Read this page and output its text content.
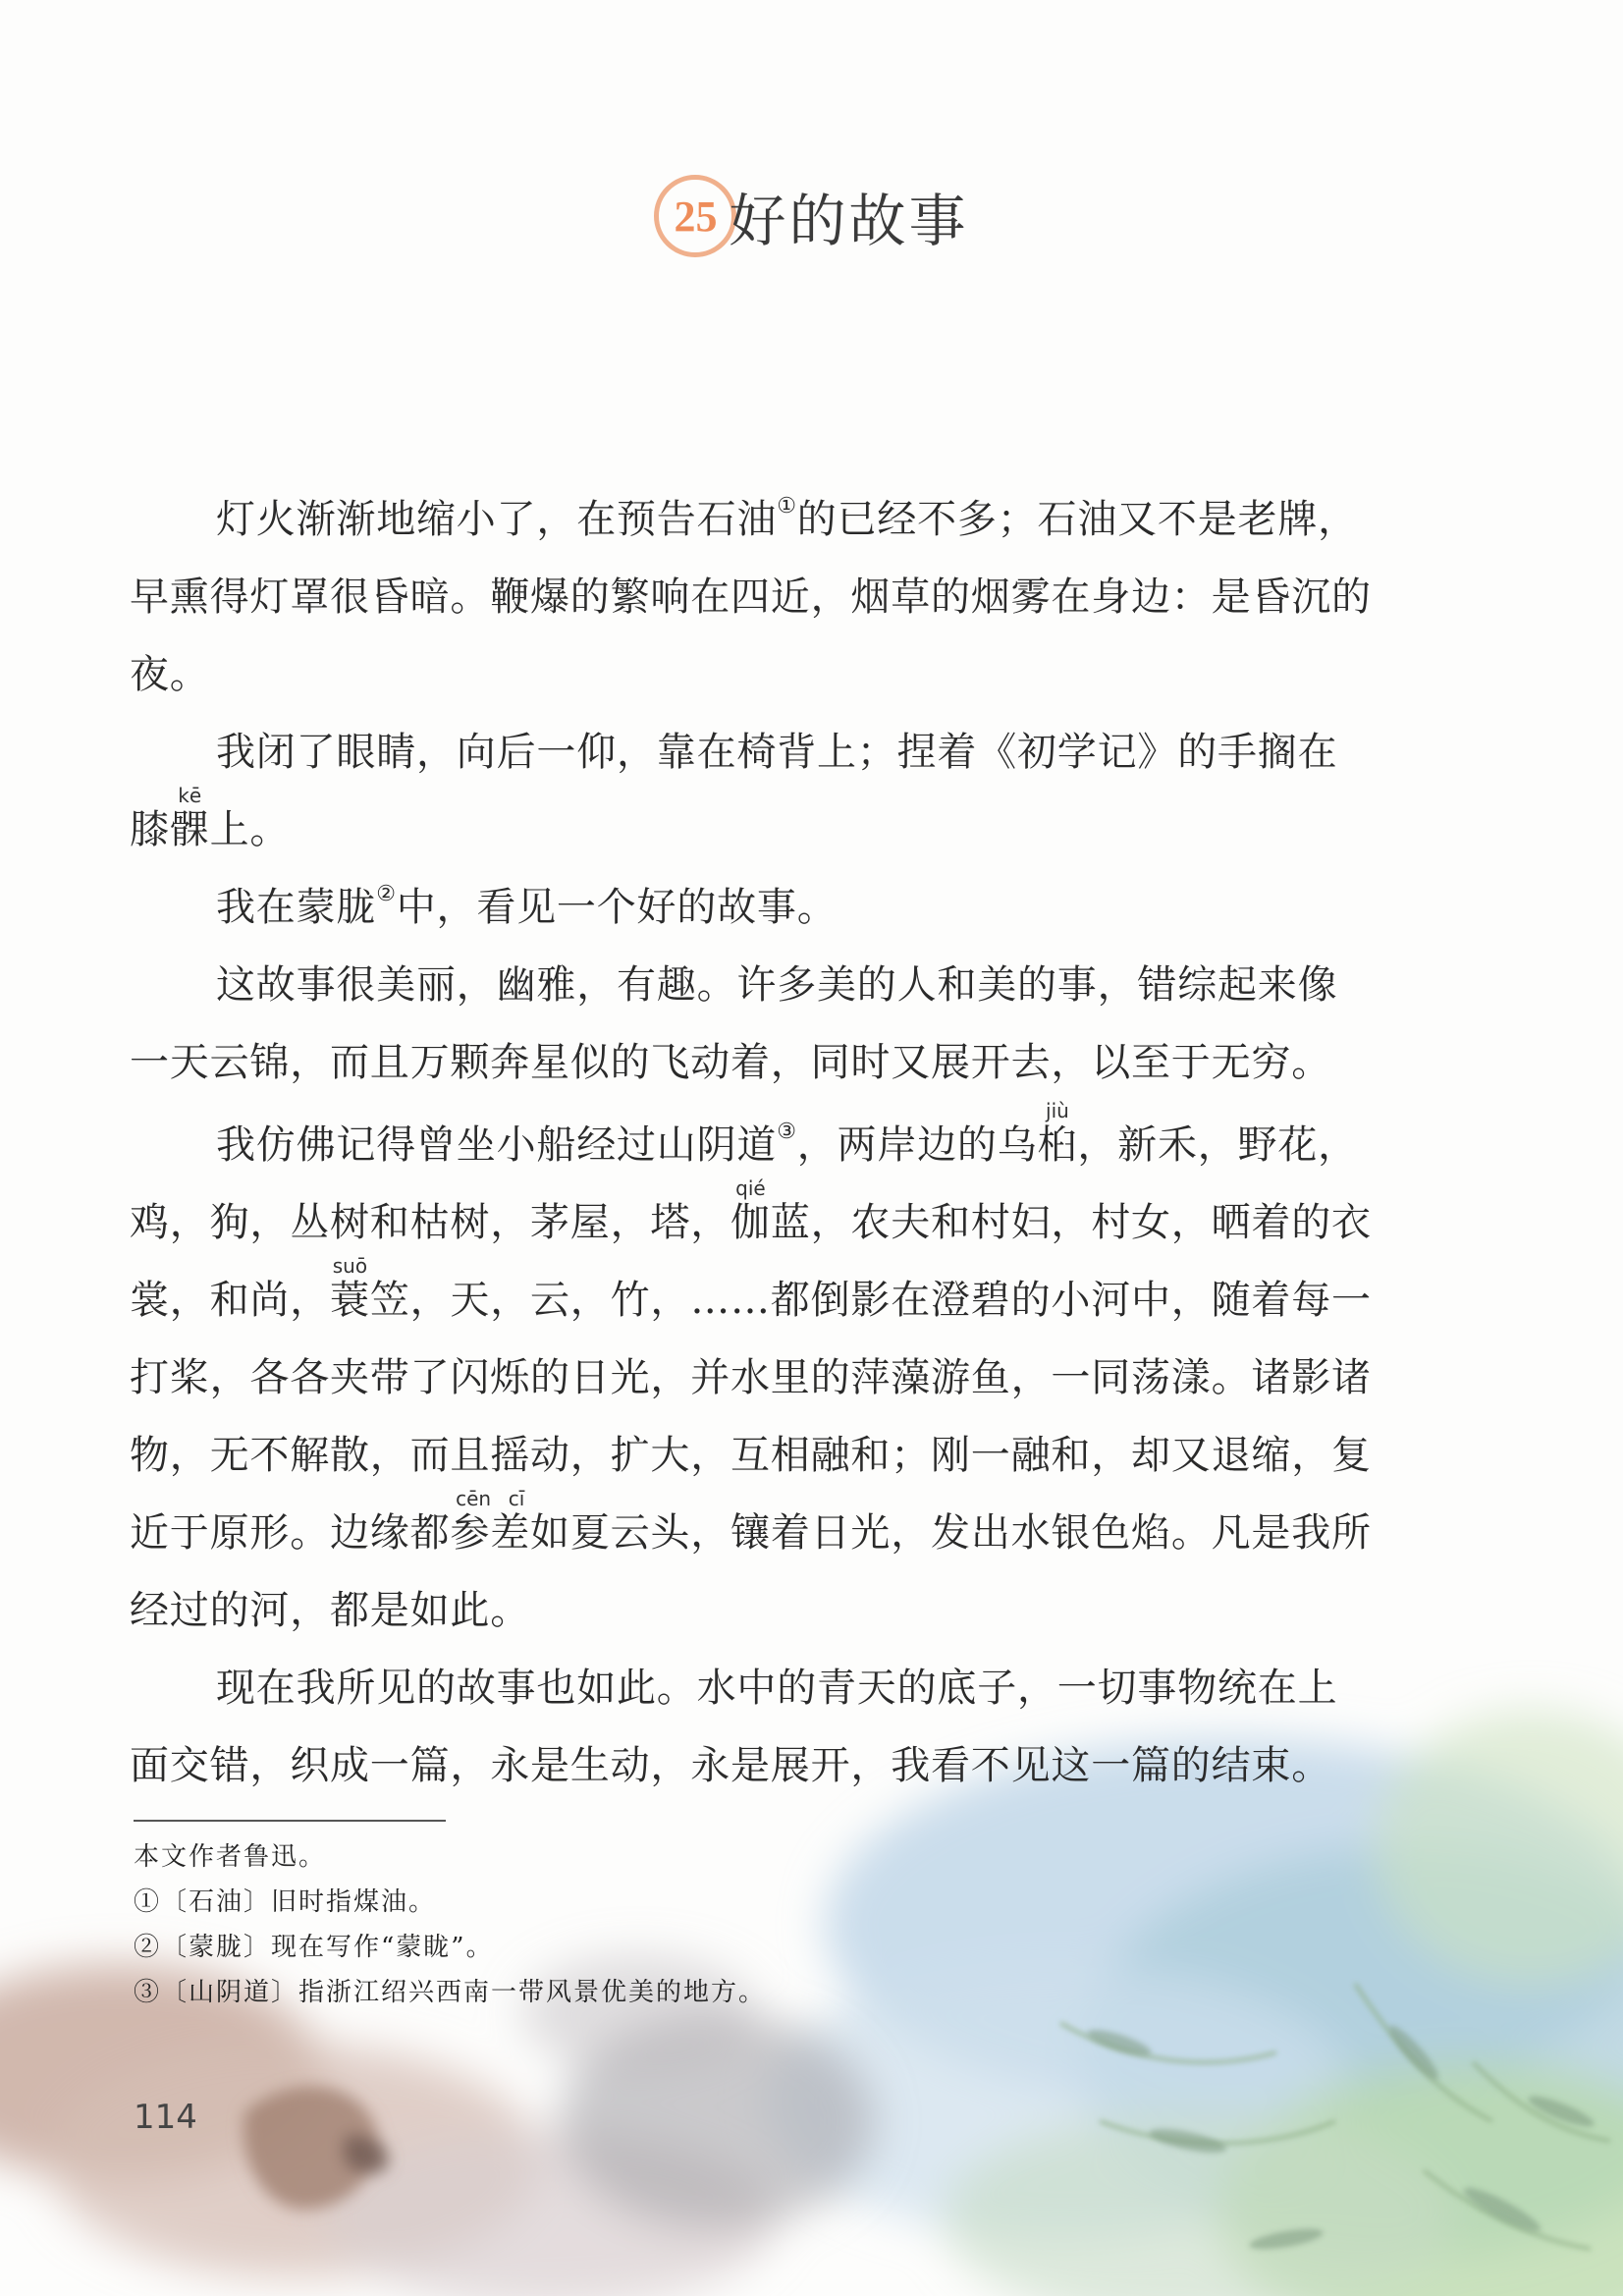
25 好的故事

灯火渐渐地缩小了，在预告石油①的已经不多；石油又不是老牌，早熏得灯罩很昏暗。鞭爆的繁响在四近，烟草的烟雾在身边：是昏沉的夜。

我闭了眼睛，向后一仰，靠在椅背上；捏着《初学记》的手搁在膝髁kē上。

我在蒙胧②中，看见一个好的故事。

这故事很美丽，幽雅，有趣。许多美的人和美的事，错综起来像一天云锦，而且万颗奔星似的飞动着，同时又展开去，以至于无穷。

我仿佛记得曾坐小船经过山阴道③，两岸边的乌桕jiù，新禾，野花，鸡，狗，丛树和枯树，茅屋，塔，伽qié蓝，农夫和村妇，村女，晒着的衣裳，和尚，蓑suō笠，天，云，竹，……都倒影在澄碧的小河中，随着每一打桨，各各夹带了闪烁的日光，并水里的萍藻游鱼，一同荡漾。诸影诸物，无不解散，而且摇动，扩大，互相融和；刚一融和，却又退缩，复近于原形。边缘都参差cēn cī如夏云头，镶着日光，发出水银色焰。凡是我所经过的河，都是如此。

现在我所见的故事也如此。水中的青天的底子，一切事物统在上面交错，织成一篇，永是生动，永是展开，我看不见这一篇的结束。

本文作者鲁迅。
①〔石油〕旧时指煤油。
②〔蒙胧〕现在写作“蒙眬”。
③〔山阴道〕指浙江绍兴西南一带风景优美的地方。
114
